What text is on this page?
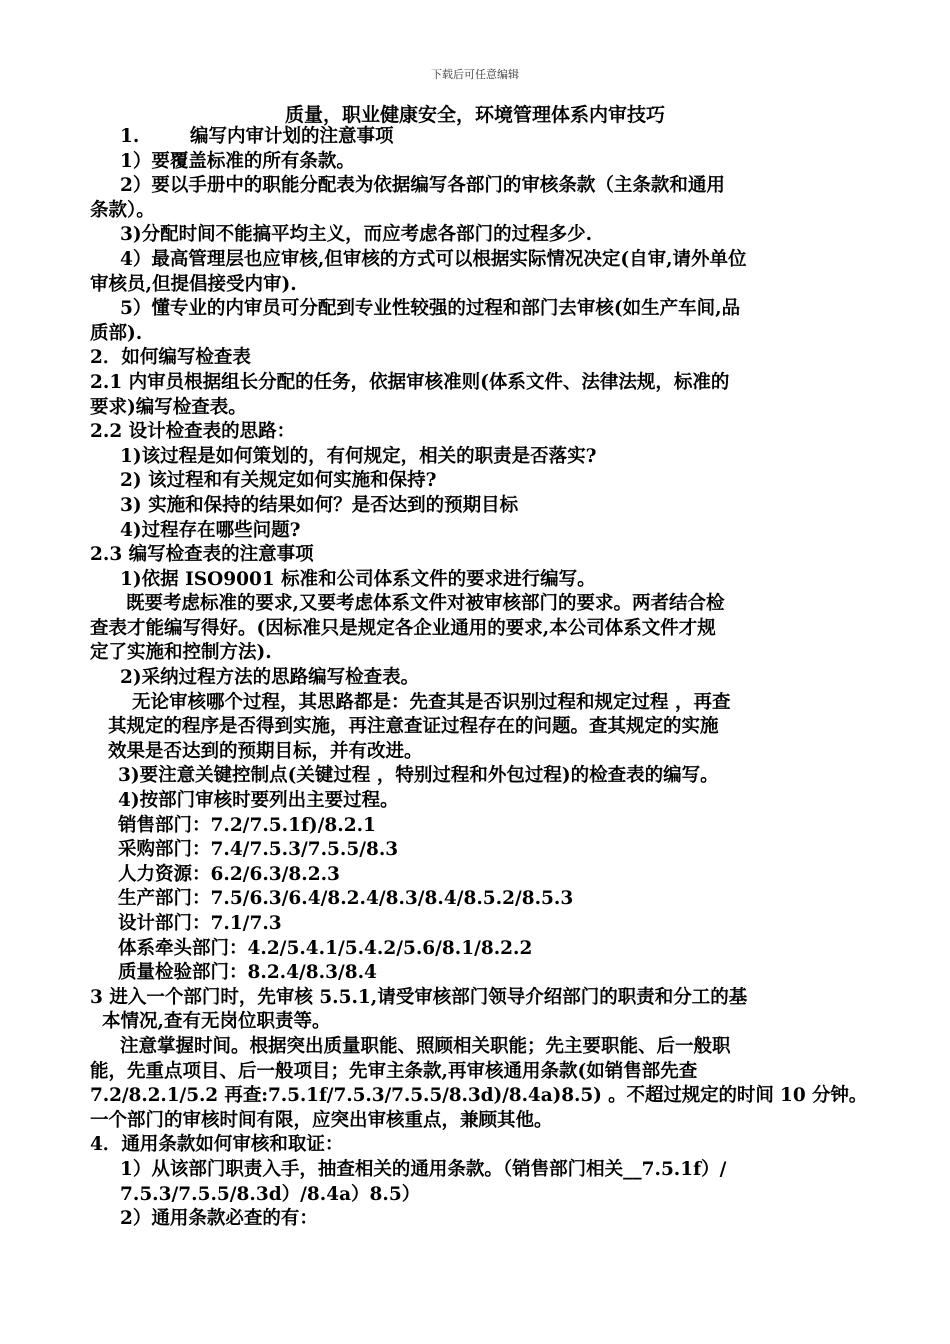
下载后可任意编辑
质量，职业健康安全，环境管理体系内审技巧
1.	编写内审计划的注意事项
1）要覆盖标准的所有条款。
2）要以手册中的职能分配表为依据编写各部门的审核条款（主条款和通用
条款）。
3)分配时间不能搞平均主义，而应考虑各部门的过程多少.
4）最高管理层也应审核,但审核的方式可以根据实际情况决定(自审,请外单位
审核员,但提倡接受内审).
5）懂专业的内审员可分配到专业性较强的过程和部门去审核(如生产车间,品
质部).
2．如何编写检查表
2.1 内审员根据组长分配的任务，依据审核准则(体系文件、法律法规，标准的
要求)编写检查表。
2.2 设计检查表的思路：
1)该过程是如何策划的，有何规定，相关的职责是否落实?
2) 该过程和有关规定如何实施和保持?
3) 实施和保持的结果如何？是否达到的预期目标
4)过程存在哪些问题?
2.3 编写检查表的注意事项
1)依据 ISO9001 标准和公司体系文件的要求进行编写。
既要考虑标准的要求,又要考虑体系文件对被审核部门的要求。两者结合检
查表才能编写得好。(因标准只是规定各企业通用的要求,本公司体系文件才规
定了实施和控制方法).
2)采纳过程方法的思路编写检查表。
无论审核哪个过程，其思路都是：先查其是否识别过程和规定过程 ，再查
其规定的程序是否得到实施，再注意查证过程存在的问题。查其规定的实施
效果是否达到的预期目标，并有改进。
3)要注意关键控制点(关键过程 ，特别过程和外包过程)的检查表的编写。
4)按部门审核时要列出主要过程。
销售部门：7.2/7.5.1f)/8.2.1
采购部门：7.4/7.5.3/7.5.5/8.3
人力资源：6.2/6.3/8.2.3
生产部门：7.5/6.3/6.4/8.2.4/8.3/8.4/8.5.2/8.5.3
设计部门：7.1/7.3
体系牵头部门：4.2/5.4.1/5.4.2/5.6/8.1/8.2.2
质量检验部门：8.2.4/8.3/8.4
3 进入一个部门时，先审核 5.5.1,请受审核部门领导介绍部门的职责和分工的基
本情况,查有无岗位职责等。
注意掌握时间。根据突出质量职能、照顾相关职能；先主要职能、后一般职
能，先重点项目、后一般项目；先审主条款,再审核通用条款(如销售部先查
7.2/8.2.1/5.2 再查:7.5.1f/7.5.3/7.5.5/8.3d)/8.4a)8.5) 。不超过规定的时间 10 分钟。
一个部门的审核时间有限，应突出审核重点，兼顾其他。
4．通用条款如何审核和取证：
1）从该部门职责入手，抽查相关的通用条款。（销售部门相关__7.5.1f）/
7.5.3/7.5.5/8.3d）/8.4a）8.5）
2）通用条款必查的有：
